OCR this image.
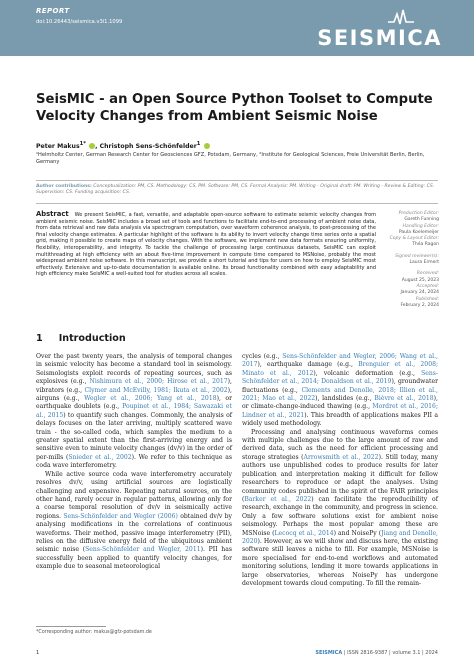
REPORT
doi:10.26443/seismica.v3i1.1099
SEISMICA
SeisMIC - an Open Source Python Toolset to Compute Velocity Changes from Ambient Seismic Noise
Peter Makus$^{1*}$ , Christoph Sens-Schönfelder$^1$
¹Helmholtz Center, German Research Center for Geosciences GFZ, Potsdam, Germany, ²Institute for Geological Sciences, Freie Universität Berlin, Berlin, Germany
Author contributions: Conceptualization: PM, CS. Methodology: CS, PM. Software: PM, CS. Formal Analysis: PM. Writing - Original draft: PM. Writing - Review & Editing: CS. Supervision: CS. Funding acquisition: CS.
Abstract We present SeisMIC, a fast, versatile, and adaptable open-source software to estimate seismic velocity changes from ambient seismic noise. SeisMIC includes a broad set of tools and functions to facilitate end-to-end processing of ambient noise data, from data retrieval and raw data analysis via spectrogram computation, over waveform coherence analysis, to post-processing of the final velocity change estimates. A particular highlight of the software is its ability to invert velocity change time series onto a spatial grid, making it possible to create maps of velocity changes. With the software, we implement new data formats ensuring uniformity, flexibility, interoperability, and integrity. To tackle the challenge of processing large continuous datasets, SeisMIC can exploit multithreading at high efficiency with an about five-time improvement in compute time compared to MSNoise, probably the most widespread ambient noise software. In this manuscript, we provide a short tutorial and tips for users on how to employ SeisMIC most effectively. Extensive and up-to-date documentation is available online. Its broad functionality combined with easy adaptability and high efficiency make SeisMIC a well-suited tool for studies across all scales.
Production Editor:
Gareth Funning
Handling Editor:
Paula Koelemeijer
Copy & Layout Editor:
Théa Ragon
Signed reviewer(s):
Laura Ermert
Received:
August 25, 2023
Accepted:
January 24, 2024
Published:
February 2, 2024
1 Introduction

Over the past twenty years, the analysis of temporal changes in seismic velocity has become a standard tool in seismology. Seismologists exploit records of repeating sources, such as explosives (e.g., Nishimura et al., 2000; Hirose et al., 2017), vibrators (e.g., Clymer and McEvilly, 1981; Ikuta et al., 2002), airguns (e.g., Wegler et al., 2006; Yang et al., 2018), or earthquake doublets (e.g., Poupinet et al., 1984; Sawazaki et al., 2015) to quantify such changes. Commonly, the analysis of delays focuses on the later arriving, multiply scattered wave train - the so-called coda, which samples the medium to a greater spatial extent than the first-arriving energy and is sensitive even to minute velocity changes (dv/v) in the order of per-mills (Snieder et al., 2002). We refer to this technique as coda wave interferometry.

While active source coda wave interferometry accurately resolves dv/v, using artificial sources are logistically challenging and expensive. Repeating natural sources, on the other hand, rarely occur in regular patterns, allowing only for a coarse temporal resolution of dv/v in seismically active regions. Sens-Schönfelder and Wegler (2006) obtained dv/v by analysing modifications in the correlations of continuous waveforms. Their method, passive image interferometry (PII), relies on the diffusive energy field of the ubiquitous ambient seismic noise (Sens-Schönfelder and Wegler, 2011). PII has successfully been applied to quantify velocity changes, for example due to seasonal meteorological

cycles (e.g., Sens-Schönfelder and Wegler, 2006; Wang et al., 2017), earthquake damage (e.g., Brenguier et al., 2008; Minato et al., 2012), volcanic deformation (e.g., Sens-Schönfelder et al., 2014; Donaldson et al., 2019), groundwater fluctuations (e.g., Clements and Denolle, 2018; Illien et al., 2021; Mao et al., 2022), landslides (e.g., Bièvre et al., 2018), or climate-change-induced thawing (e.g., Mordret et al., 2016; Lindner et al., 2021). This breadth of applications makes PII a widely used methodology.

Processing and analysing continuous waveforms comes with multiple challenges due to the large amount of raw and derived data, such as the need for efficient processing and storage strategies (Arrowsmith et al., 2022). Still today, many authors use unpublished codes to produce results for later publication and interpretation making it difficult for fellow researchers to reproduce or adapt the analyses. Using community codes published in the spirit of the FAIR principles (Barker et al., 2022) can facilitate the reproducibility of research, exchange in the community, and progress in science. Only a few software solutions exist for ambient noise seismology. Perhaps the most popular among these are MSNoise (Lecocq et al., 2014) and NoisePy (Jiang and Denolle, 2020). However, as we will show and discuss here, the existing software still leaves a niche to fill. For example, MSNoise is more specialised for end-to-end workflows and automated monitoring solutions, lending it more towards applications in large observatories, whereas NoisePy has undergone development towards cloud computing. To fill the remain-

*Corresponding author: makus@gfz-potsdam.de
1	SEISMICA | ISSN 2816-9387 | volume 3.1 | 2024
